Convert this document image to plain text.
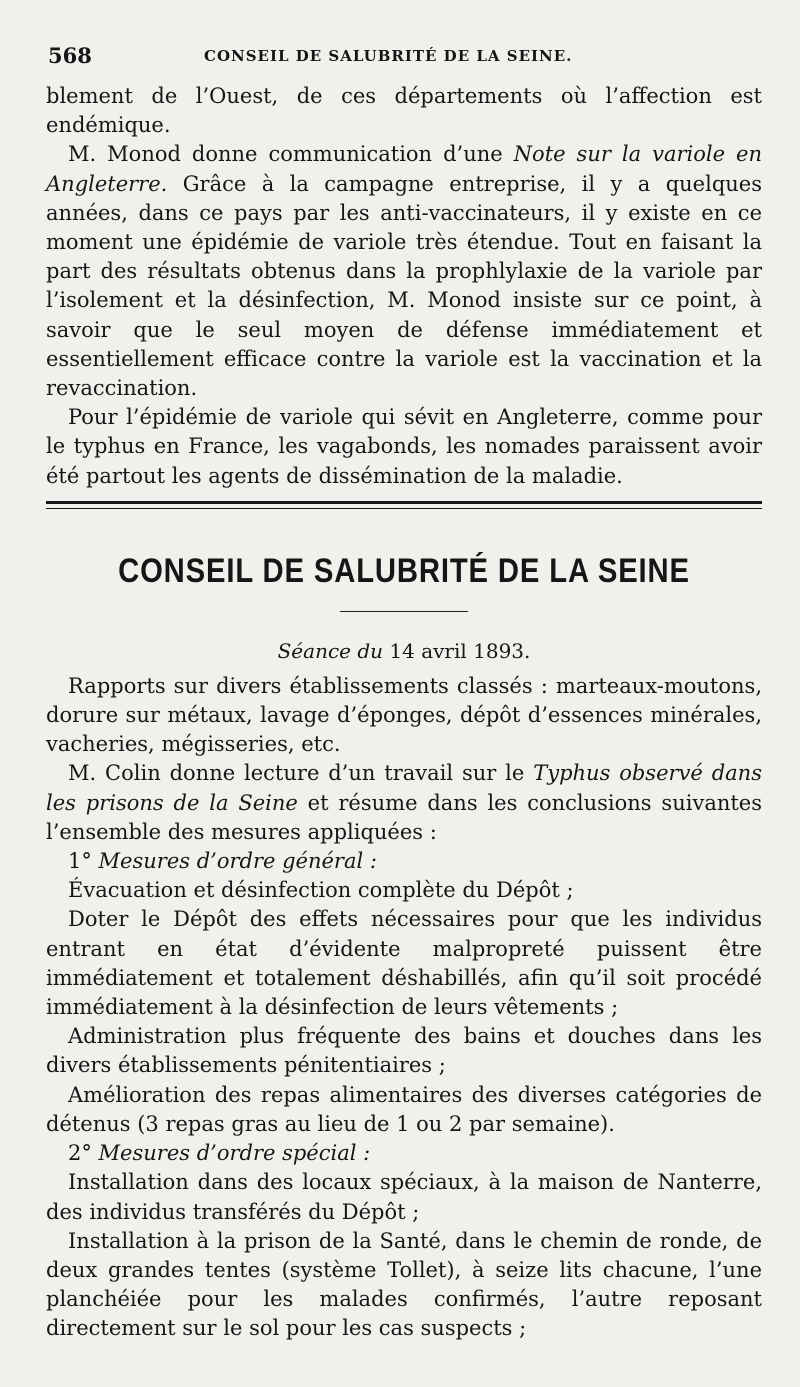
568	CONSEIL DE SALUBRITÉ DE LA SEINE.

blement de l’Ouest, de ces départements où l’affection est endémique.

M. Monod donne communication d’une Note sur la variole en Angleterre. Grâce à la campagne entreprise, il y a quelques années, dans ce pays par les anti-vaccinateurs, il y existe en ce moment une épidémie de variole très étendue. Tout en faisant la part des résultats obtenus dans la prophlylaxie de la variole par l’isolement et la désinfection, M. Monod insiste sur ce point, à savoir que le seul moyen de défense immédiatement et essentiellement efficace contre la variole est la vaccination et la revaccination.

Pour l’épidémie de variole qui sévit en Angleterre, comme pour le typhus en France, les vagabonds, les nomades paraissent avoir été partout les agents de dissémination de la maladie.

CONSEIL DE SALUBRITÉ DE LA SEINE
Séance du 14 avril 1893.

Rapports sur divers établissements classés : marteaux-moutons, dorure sur métaux, lavage d’éponges, dépôt d’essences minérales, vacheries, mégisseries, etc.

M. Colin donne lecture d’un travail sur le Typhus observé dans les prisons de la Seine et résume dans les conclusions suivantes l’ensemble des mesures appliquées :

1° Mesures d’ordre général :

Évacuation et désinfection complète du Dépôt ;

Doter le Dépôt des effets nécessaires pour que les individus entrant en état d’évidente malpropreté puissent être immédiatement et totalement déshabillés, afin qu’il soit procédé immédiatement à la désinfection de leurs vêtements ;

Administration plus fréquente des bains et douches dans les divers établissements pénitentiaires ;

Amélioration des repas alimentaires des diverses catégories de détenus (3 repas gras au lieu de 1 ou 2 par semaine).

2° Mesures d’ordre spécial :

Installation dans des locaux spéciaux, à la maison de Nanterre, des individus transférés du Dépôt ;

Installation à la prison de la Santé, dans le chemin de ronde, de deux grandes tentes (système Tollet), à seize lits chacune, l’une planchéiée pour les malades confirmés, l’autre reposant directement sur le sol pour les cas suspects ;
